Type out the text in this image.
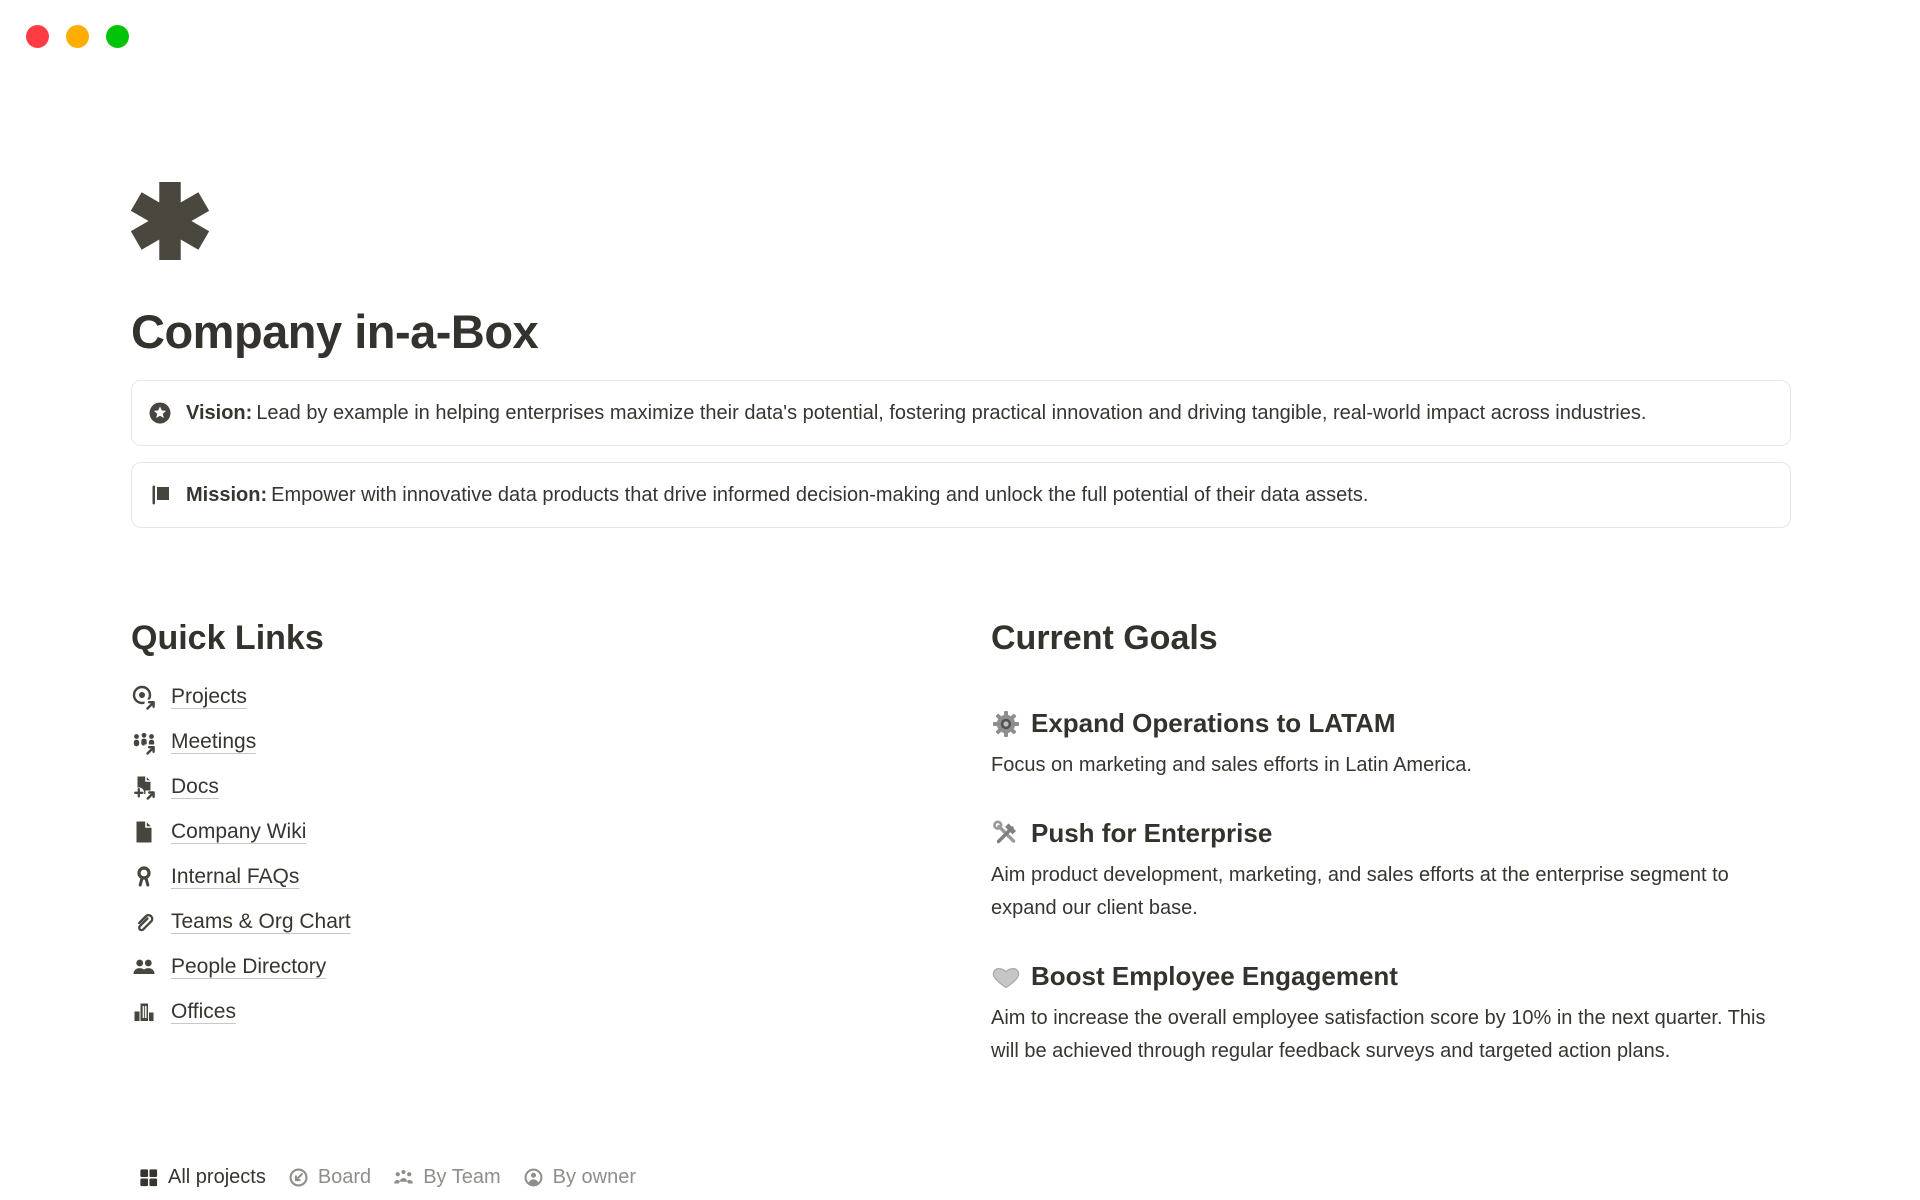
Company in-a-Box
Vision: Lead by example in helping enterprises maximize their data's potential, fostering practical innovation and driving tangible, real-world impact across industries.
Mission: Empower with innovative data products that drive informed decision-making and unlock the full potential of their data assets.
Quick Links
Projects
Meetings
Docs
Company Wiki
Internal FAQs
Teams & Org Chart
People Directory
Offices
Current Goals
Expand Operations to LATAM

Focus on marketing and sales efforts in Latin America.

Push for Enterprise

Aim product development, marketing, and sales efforts at the enterprise segment to expand our client base.

Boost Employee Engagement

Aim to increase the overall employee satisfaction score by 10% in the next quarter. This will be achieved through regular feedback surveys and targeted action plans.

All projects	Board	By Team	By owner
